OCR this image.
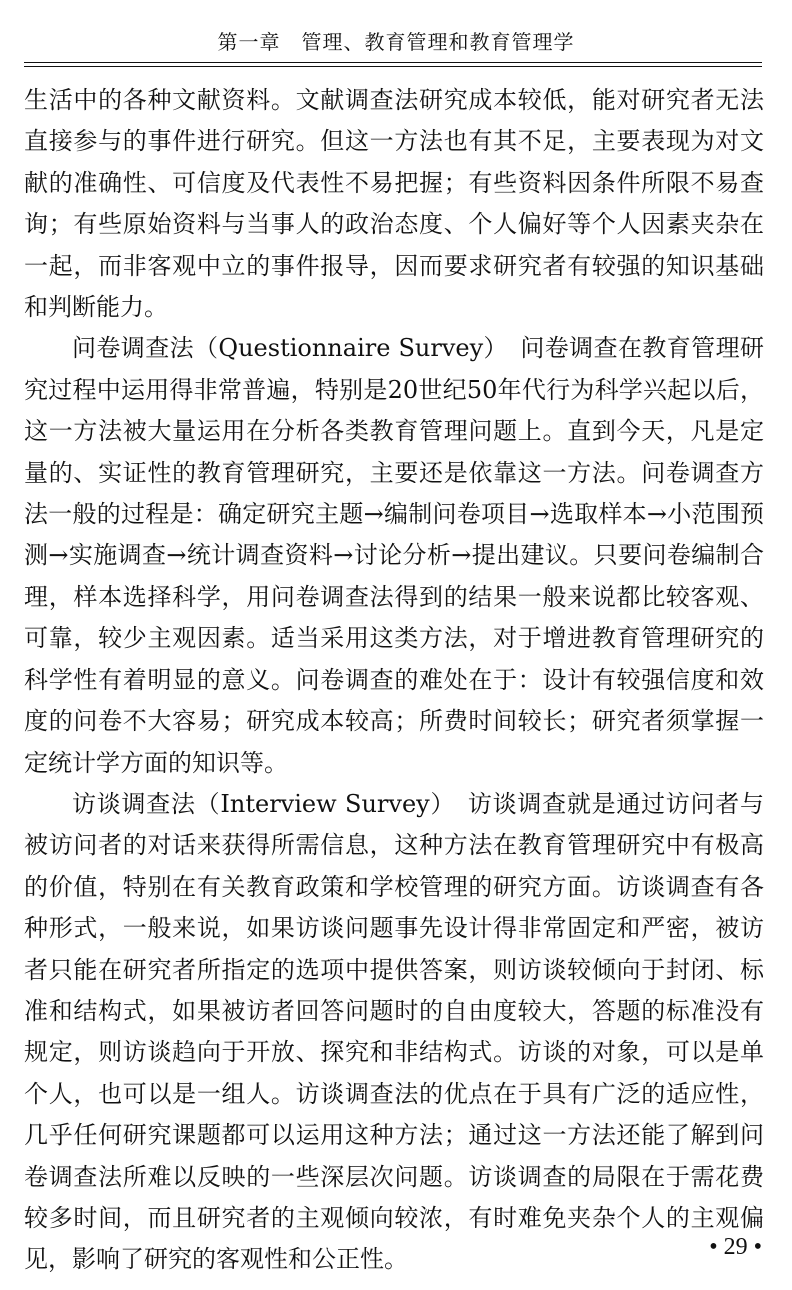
第一章　管理、教育管理和教育管理学

生活中的各种文献资料。文献调查法研究成本较低，能对研究者无法直接参与的事件进行研究。但这一方法也有其不足，主要表现为对文献的准确性、可信度及代表性不易把握；有些资料因条件所限不易查询；有些原始资料与当事人的政治态度、个人偏好等个人因素夹杂在一起，而非客观中立的事件报导，因而要求研究者有较强的知识基础和判断能力。

问卷调查法（Questionnaire Survey）　问卷调查在教育管理研究过程中运用得非常普遍，特别是20世纪50年代行为科学兴起以后，这一方法被大量运用在分析各类教育管理问题上。直到今天，凡是定量的、实证性的教育管理研究，主要还是依靠这一方法。问卷调查方法一般的过程是：确定研究主题→编制问卷项目→选取样本→小范围预测→实施调查→统计调查资料→讨论分析→提出建议。只要问卷编制合理，样本选择科学，用问卷调查法得到的结果一般来说都比较客观、可靠，较少主观因素。适当采用这类方法，对于增进教育管理研究的科学性有着明显的意义。问卷调查的难处在于：设计有较强信度和效度的问卷不大容易；研究成本较高；所费时间较长；研究者须掌握一定统计学方面的知识等。

访谈调查法（Interview Survey）　访谈调查就是通过访问者与被访问者的对话来获得所需信息，这种方法在教育管理研究中有极高的价值，特别在有关教育政策和学校管理的研究方面。访谈调查有各种形式，一般来说，如果访谈问题事先设计得非常固定和严密，被访者只能在研究者所指定的选项中提供答案，则访谈较倾向于封闭、标准和结构式，如果被访者回答问题时的自由度较大，答题的标准没有规定，则访谈趋向于开放、探究和非结构式。访谈的对象，可以是单个人，也可以是一组人。访谈调查法的优点在于具有广泛的适应性，几乎任何研究课题都可以运用这种方法；通过这一方法还能了解到问卷调查法所难以反映的一些深层次问题。访谈调查的局限在于需花费较多时间，而且研究者的主观倾向较浓，有时难免夹杂个人的主观偏见，影响了研究的客观性和公正性。	• 29 •
